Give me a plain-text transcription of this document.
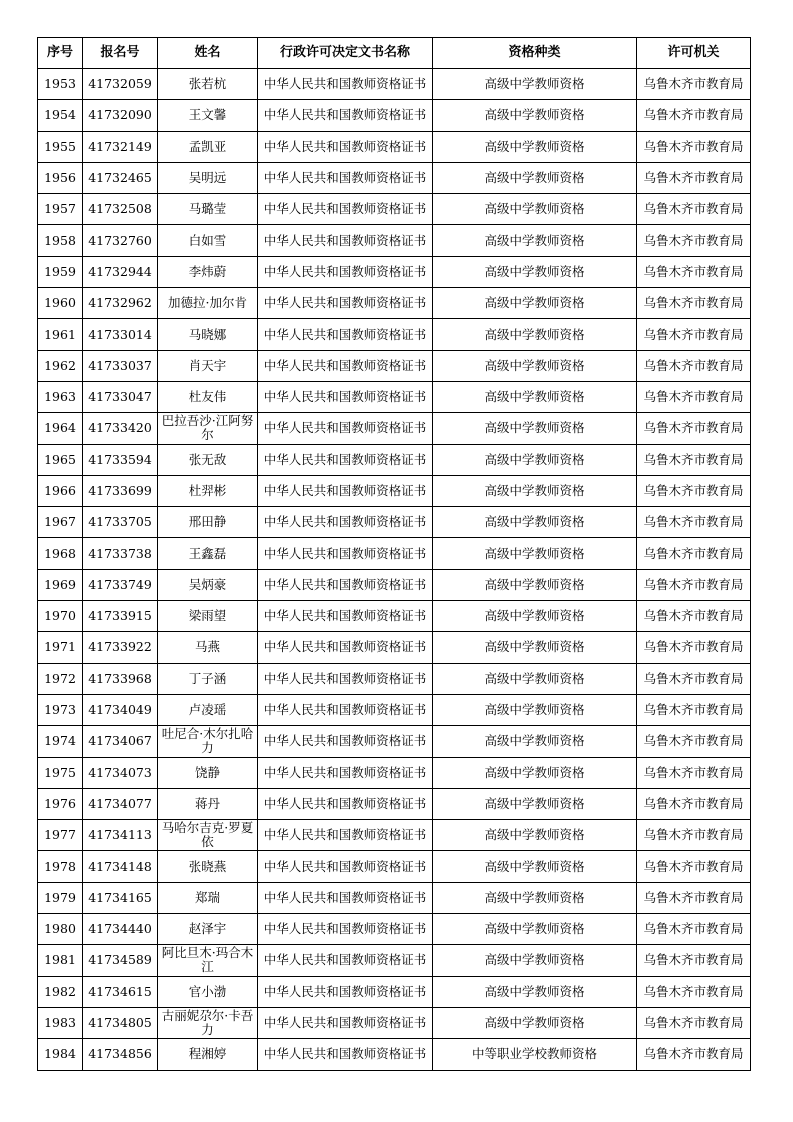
序号	报名号	姓名	行政许可决定文书名称	资格种类	许可机关
1953	41732059	张若杭	中华人民共和国教师资格证书	高级中学教师资格	乌鲁木齐市教育局
1954	41732090	王文馨	中华人民共和国教师资格证书	高级中学教师资格	乌鲁木齐市教育局
1955	41732149	孟凯亚	中华人民共和国教师资格证书	高级中学教师资格	乌鲁木齐市教育局
1956	41732465	吴明远	中华人民共和国教师资格证书	高级中学教师资格	乌鲁木齐市教育局
1957	41732508	马璐莹	中华人民共和国教师资格证书	高级中学教师资格	乌鲁木齐市教育局
1958	41732760	白如雪	中华人民共和国教师资格证书	高级中学教师资格	乌鲁木齐市教育局
1959	41732944	李炜蔚	中华人民共和国教师资格证书	高级中学教师资格	乌鲁木齐市教育局
1960	41732962	加德拉·加尔肯	中华人民共和国教师资格证书	高级中学教师资格	乌鲁木齐市教育局
1961	41733014	马晓娜	中华人民共和国教师资格证书	高级中学教师资格	乌鲁木齐市教育局
1962	41733037	肖天宇	中华人民共和国教师资格证书	高级中学教师资格	乌鲁木齐市教育局
1963	41733047	杜友伟	中华人民共和国教师资格证书	高级中学教师资格	乌鲁木齐市教育局
1964	41733420	巴拉吾沙·江阿努尔	中华人民共和国教师资格证书	高级中学教师资格	乌鲁木齐市教育局
1965	41733594	张无敌	中华人民共和国教师资格证书	高级中学教师资格	乌鲁木齐市教育局
1966	41733699	杜羿彬	中华人民共和国教师资格证书	高级中学教师资格	乌鲁木齐市教育局
1967	41733705	邢田静	中华人民共和国教师资格证书	高级中学教师资格	乌鲁木齐市教育局
1968	41733738	王鑫磊	中华人民共和国教师资格证书	高级中学教师资格	乌鲁木齐市教育局
1969	41733749	吴炳豪	中华人民共和国教师资格证书	高级中学教师资格	乌鲁木齐市教育局
1970	41733915	梁雨望	中华人民共和国教师资格证书	高级中学教师资格	乌鲁木齐市教育局
1971	41733922	马燕	中华人民共和国教师资格证书	高级中学教师资格	乌鲁木齐市教育局
1972	41733968	丁子涵	中华人民共和国教师资格证书	高级中学教师资格	乌鲁木齐市教育局
1973	41734049	卢凌瑶	中华人民共和国教师资格证书	高级中学教师资格	乌鲁木齐市教育局
1974	41734067	吐尼合·木尔扎哈力	中华人民共和国教师资格证书	高级中学教师资格	乌鲁木齐市教育局
1975	41734073	饶静	中华人民共和国教师资格证书	高级中学教师资格	乌鲁木齐市教育局
1976	41734077	蒋丹	中华人民共和国教师资格证书	高级中学教师资格	乌鲁木齐市教育局
1977	41734113	马哈尔吉克·罗夏依	中华人民共和国教师资格证书	高级中学教师资格	乌鲁木齐市教育局
1978	41734148	张晓燕	中华人民共和国教师资格证书	高级中学教师资格	乌鲁木齐市教育局
1979	41734165	郑瑞	中华人民共和国教师资格证书	高级中学教师资格	乌鲁木齐市教育局
1980	41734440	赵泽宇	中华人民共和国教师资格证书	高级中学教师资格	乌鲁木齐市教育局
1981	41734589	阿比旦木·玛合木江	中华人民共和国教师资格证书	高级中学教师资格	乌鲁木齐市教育局
1982	41734615	官小渤	中华人民共和国教师资格证书	高级中学教师资格	乌鲁木齐市教育局
1983	41734805	古丽妮尕尔·卡吾力	中华人民共和国教师资格证书	高级中学教师资格	乌鲁木齐市教育局
1984	41734856	程湘婷	中华人民共和国教师资格证书	中等职业学校教师资格	乌鲁木齐市教育局
